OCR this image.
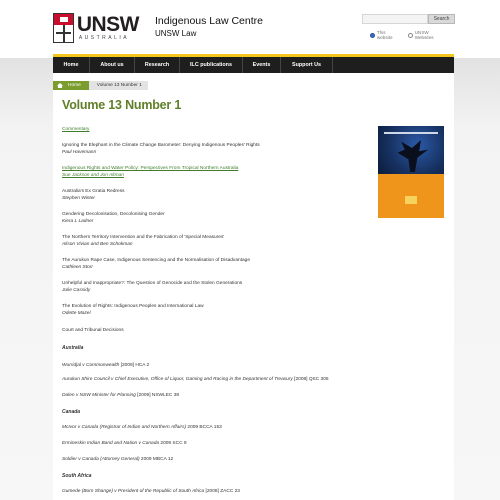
UNSW
AUSTRALIA
Indigenous Law Centre
UNSW Law
Search
This website
UNSW Websites
Home	About us	Research	ILC publications	Events	Support Us
Home	Volume 13 Number 1
Volume 13 Number 1
Commentary
Ignoring the Elephant in the Climate Change Barometer: Denying Indigenous Peoples' Rights
Paul Havemann
Indigenous Rights and Water Policy: Perspectives From Tropical Northern Australia
Sue Jackson and Jon Altman
Australia's Ex Gratia Redress
Stephen Winter
Gendering Decolonisation, Decolonising Gender
Kiera L Ladner
The Northern Territory Intervention and the Fabrication of 'Special Measures'
Alison Vivian and Ben Schokman
The Aurukun Rape Case, Indigenous Sentencing and the Normalisation of Disadvantage
Cathleen Storr
Unhelpful and Inappropriate?: The Question of Genocide and the Stolen Generations
Julie Cassidy
The Evolution of Rights: Indigenous Peoples and International Law
Odette Mazel
Court and Tribunal Decisions
Australia
Wurridjal v Commonwealth [2009] HCA 2
Aurukun Shire Council v Chief Executive, Office of Liquor, Gaming and Racing in the Department of Treasury [2008] QSC 305
Dalen v NSW Minister for Planning [2009] NSWLEC 38
Canada
McIvor v Canada (Registrar of Indian and Northern Affairs) 2009 BCCA 153
Ermineskin Indian Band and Nation v Canada 2009 SCC 9
Soldier v Canada (Attorney General) 2009 MBCA 12
South Africa
Gumede (Born Shange) v President of the Republic of South Africa [2008] ZACC 23
